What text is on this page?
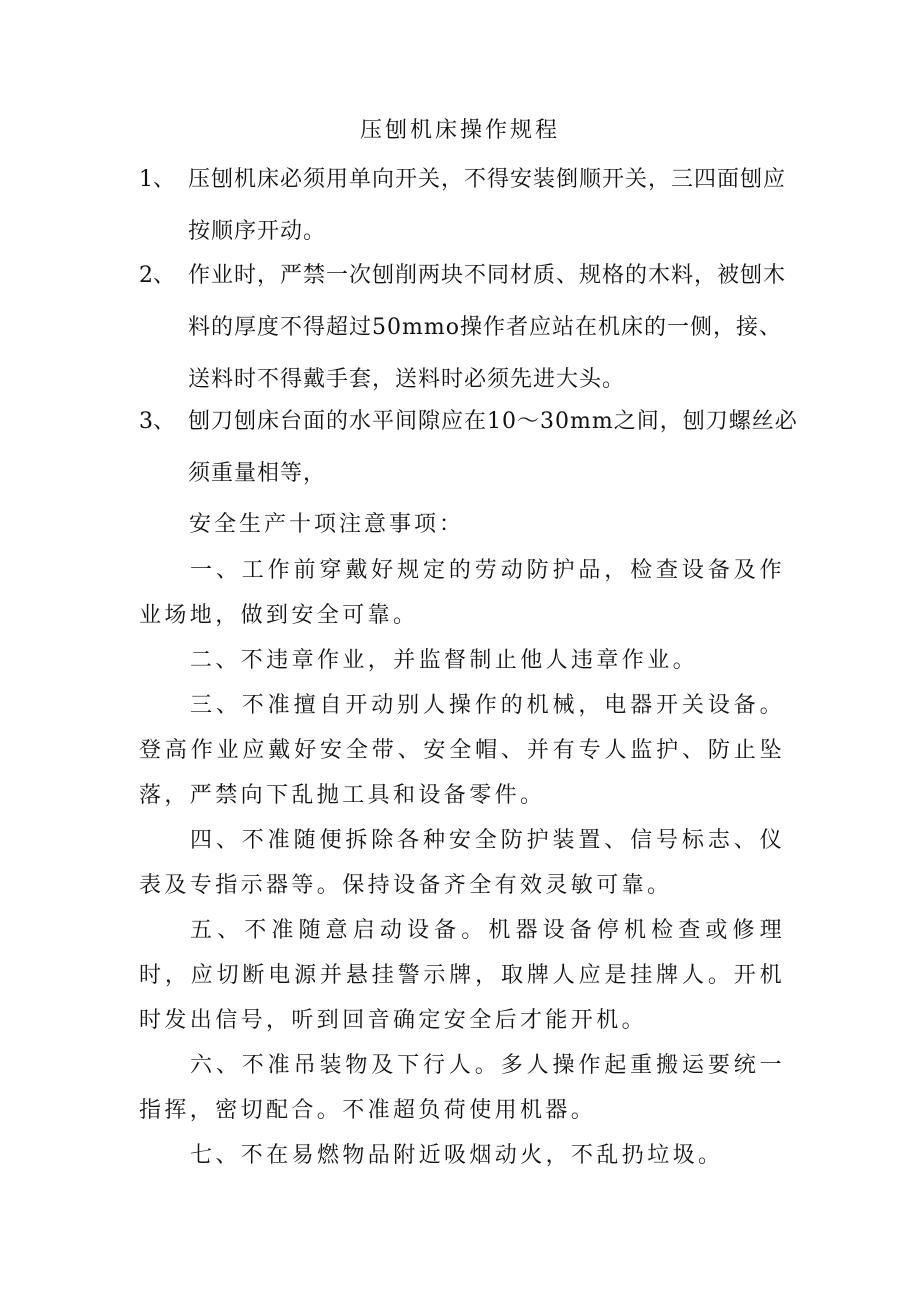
压刨机床操作规程
1、 压刨机床必须用单向开关，不得安装倒顺开关，三四面刨应按顺序开动。
2、 作业时，严禁一次刨削两块不同材质、规格的木料，被刨木料的厚度不得超过50mmo操作者应站在机床的一侧，接、送料时不得戴手套，送料时必须先进大头。
3、 刨刀刨床台面的水平间隙应在10～30mm之间，刨刀螺丝必须重量相等，

安全生产十项注意事项：

一、工作前穿戴好规定的劳动防护品，检查设备及作业场地，做到安全可靠。
二、不违章作业，并监督制止他人违章作业。
三、不准擅自开动别人操作的机械，电器开关设备。登高作业应戴好安全带、安全帽、并有专人监护、防止坠落，严禁向下乱抛工具和设备零件。
四、不准随便拆除各种安全防护装置、信号标志、仪表及专指示器等。保持设备齐全有效灵敏可靠。
五、不准随意启动设备。机器设备停机检查或修理时，应切断电源并悬挂警示牌，取牌人应是挂牌人。开机时发出信号，听到回音确定安全后才能开机。
六、不准吊装物及下行人。多人操作起重搬运要统一指挥，密切配合。不准超负荷使用机器。
七、不在易燃物品附近吸烟动火，不乱扔垃圾。
